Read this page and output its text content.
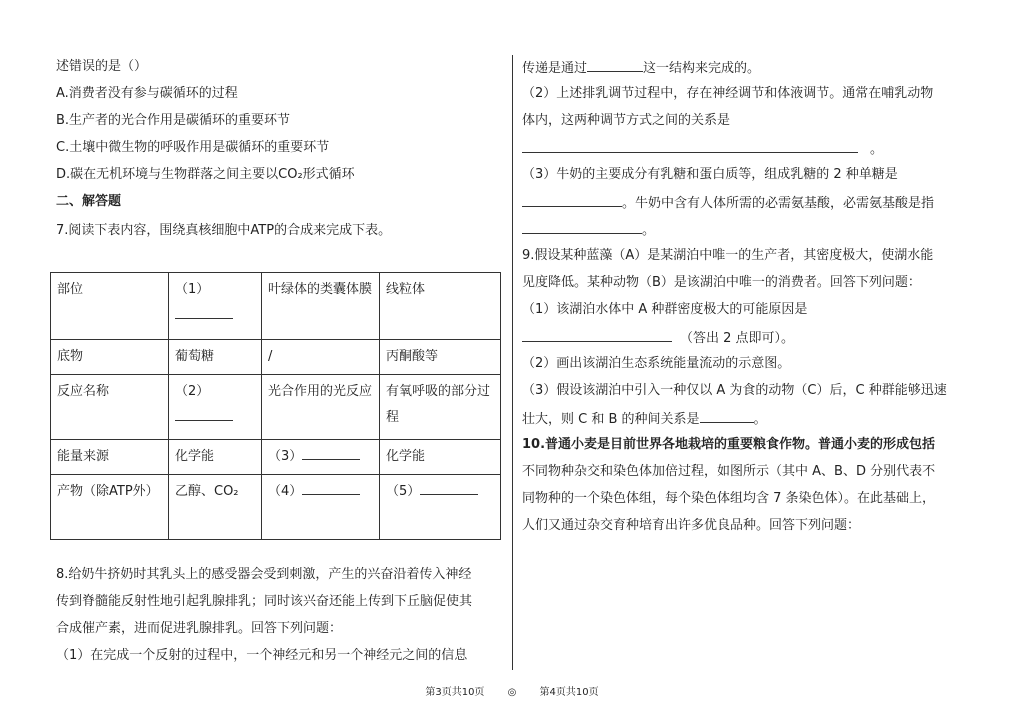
述错误的是（）
A.消费者没有参与碳循环的过程
B.生产者的光合作用是碳循环的重要环节
C.土壤中微生物的呼吸作用是碳循环的重要环节
D.碳在无机环境与生物群落之间主要以CO₂形式循环
二、解答题
7.阅读下表内容，围绕真核细胞中ATP的合成来完成下表。
部位	（1）	叶绿体的类囊体膜	线粒体
底物	葡萄糖	/	丙酮酸等
反应名称	（2）	光合作用的光反应	有氧呼吸的部分过程
能量来源	化学能	（3）	化学能
产物（除ATP外）	乙醇、CO₂	（4）	（5）
8.给奶牛挤奶时其乳头上的感受器会受到刺激，产生的兴奋沿着传入神经
传到脊髓能反射性地引起乳腺排乳；同时该兴奋还能上传到下丘脑促使其
合成催产素，进而促进乳腺排乳。回答下列问题：
（1）在完成一个反射的过程中，一个神经元和另一个神经元之间的信息
传递是通过	这一结构来完成的。
（2）上述排乳调节过程中，存在神经调节和体液调节。通常在哺乳动物
体内，这两种调节方式之间的关系是
。
（3）牛奶的主要成分有乳糖和蛋白质等，组成乳糖的 2 种单糖是
。牛奶中含有人体所需的必需氨基酸，必需氨基酸是指
。
9.假设某种蓝藻（A）是某湖泊中唯一的生产者，其密度极大，使湖水能
见度降低。某种动物（B）是该湖泊中唯一的消费者。回答下列问题：
（1）该湖泊水体中 A 种群密度极大的可能原因是
（答出 2 点即可）。
（2）画出该湖泊生态系统能量流动的示意图。
（3）假设该湖泊中引入一种仅以 A 为食的动物（C）后，C 种群能够迅速
壮大，则 C 和 B 的种间关系是	。
10.普通小麦是目前世界各地栽培的重要粮食作物。普通小麦的形成包括
不同物种杂交和染色体加倍过程，如图所示（其中 A、B、D 分别代表不
同物种的一个染色体组，每个染色体组均含 7 条染色体）。在此基础上，
人们又通过杂交育种培育出许多优良品种。回答下列问题：
第3页共10页 ◎ 第4页共10页
